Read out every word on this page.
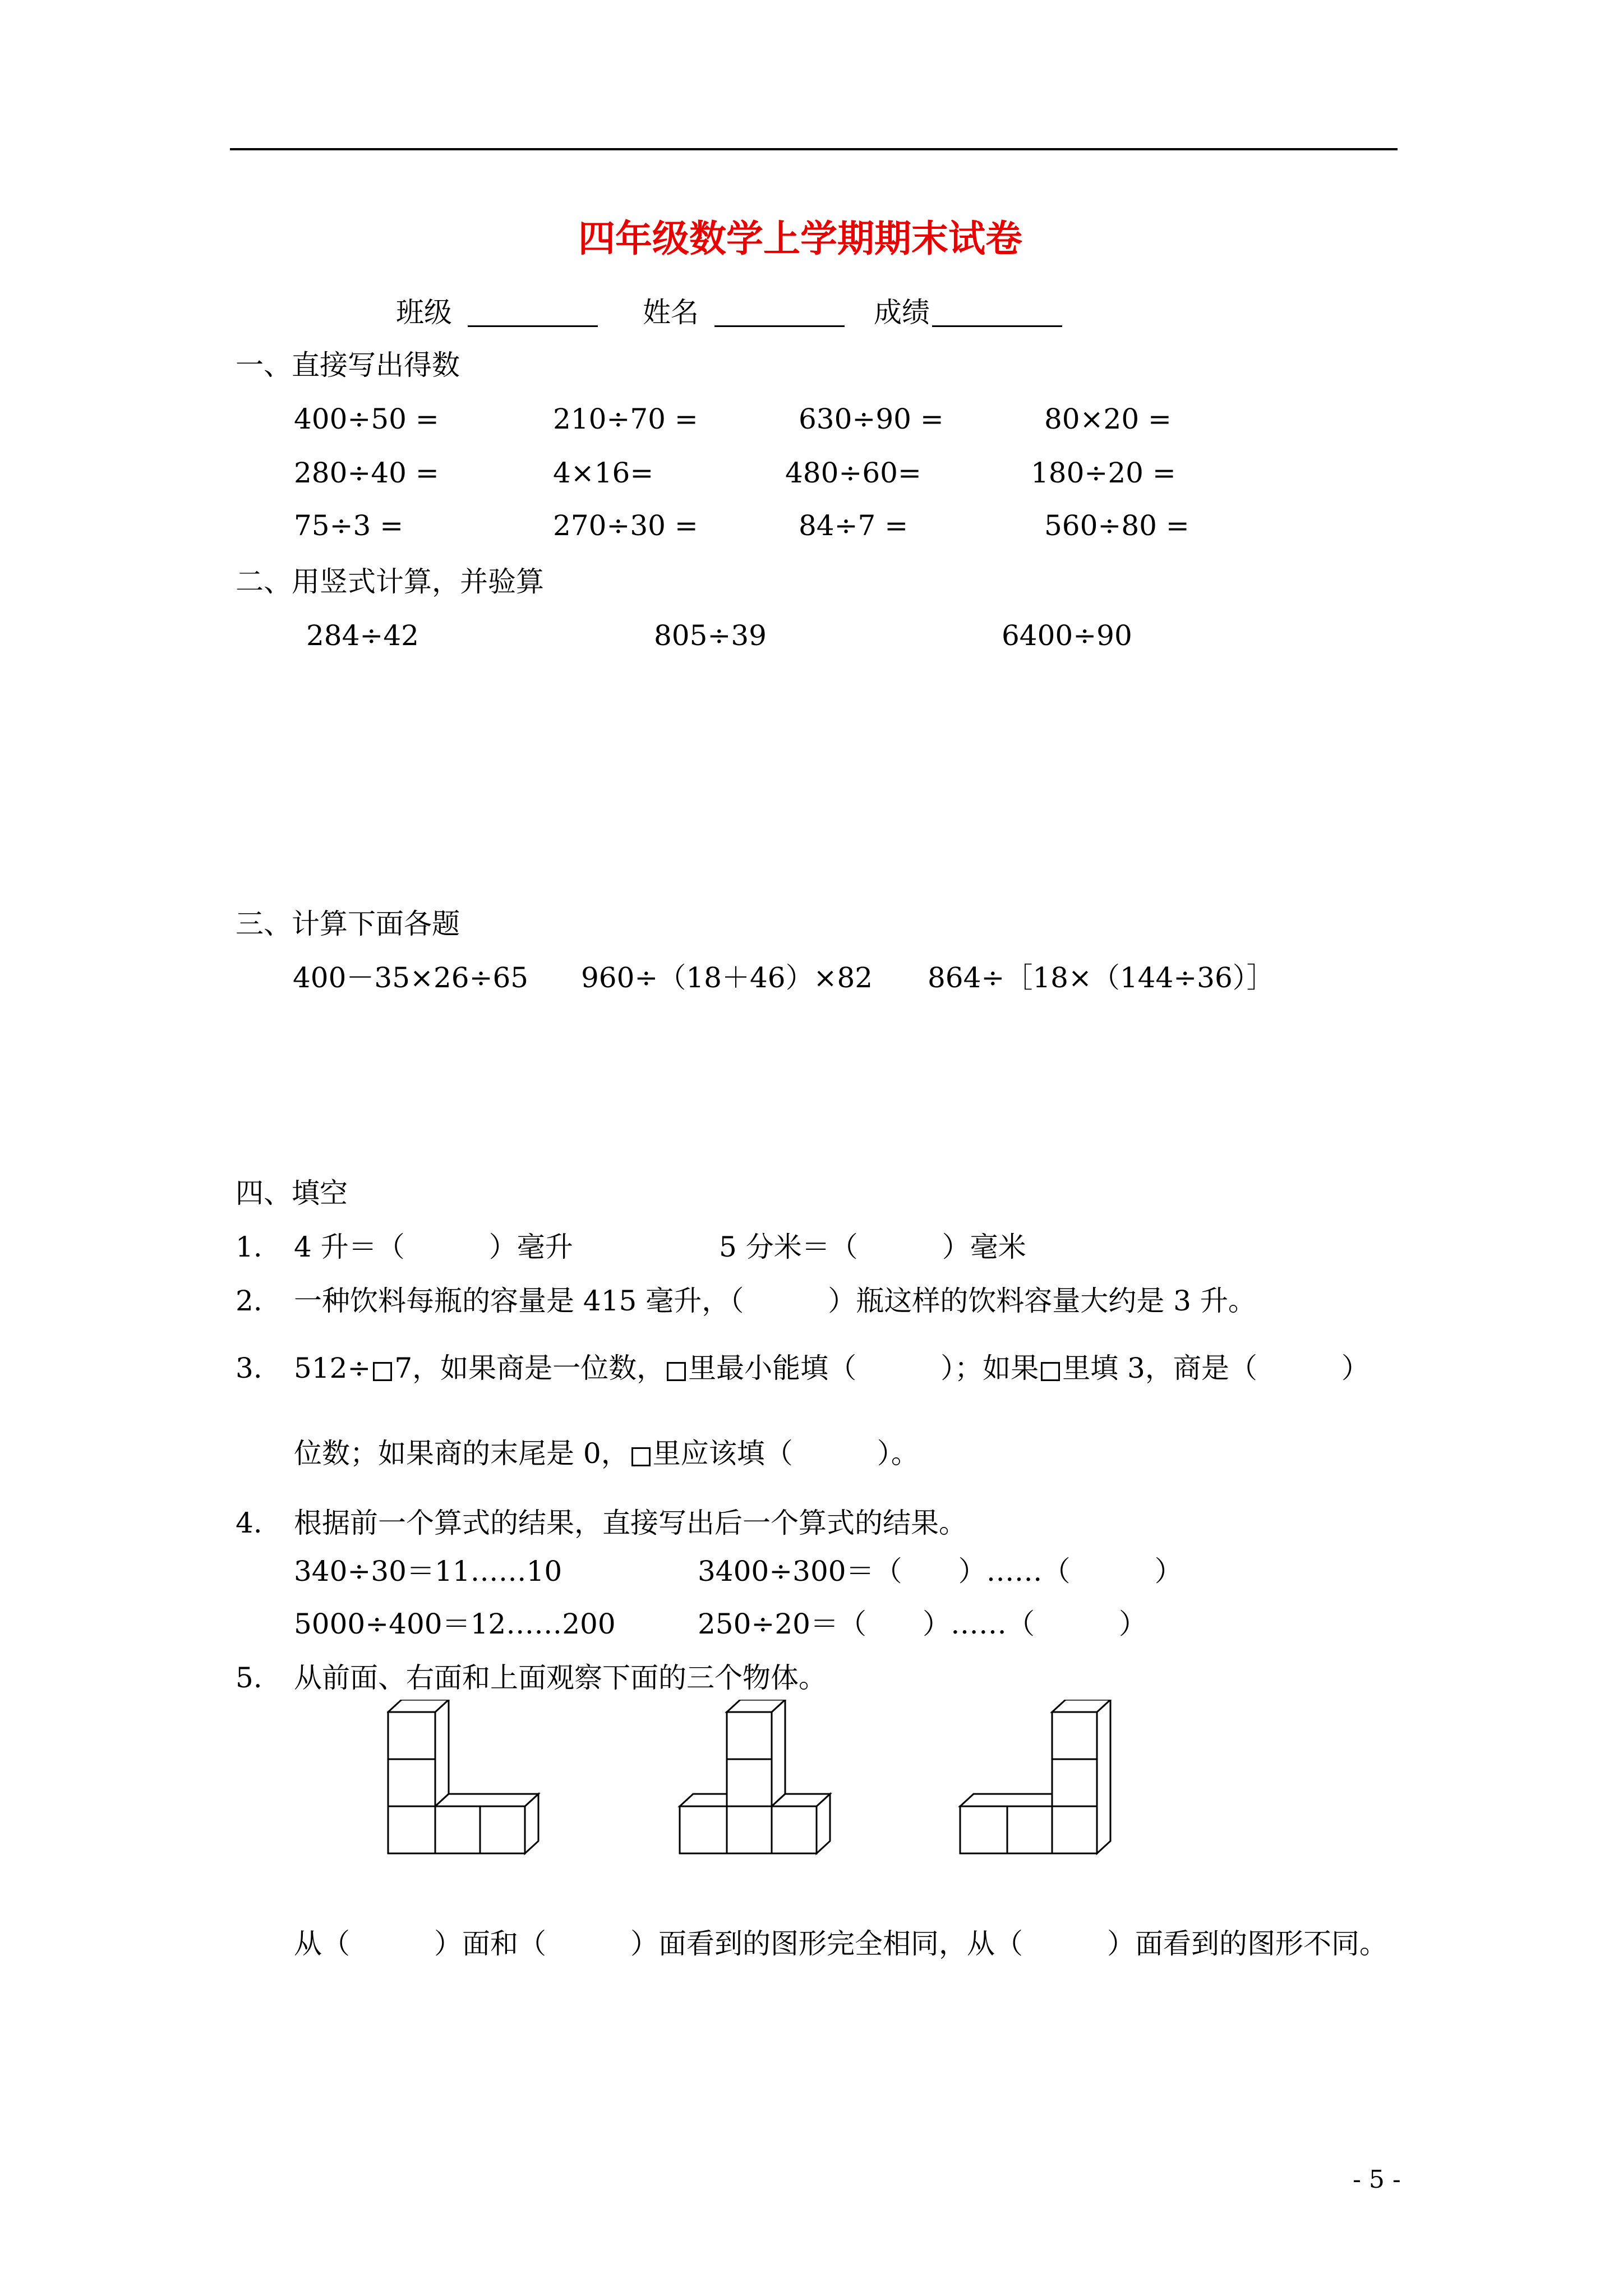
四年级数学上学期期末试卷
班级	姓名	成绩
一、直接写出得数
400÷50 =	210÷70 =	630÷90 =	80×20 =
280÷40 =	4×16=	480÷60=	180÷20 =
75÷3 =	270÷30 =	84÷7 =	560÷80 =
二、用竖式计算，并验算
284÷42	805÷39	6400÷90
三、计算下面各题
400－35×26÷65 960÷（18＋46）×82 864÷［18×（144÷36）］
四、填空
1. 4 升＝（　　　）毫升	5 分米＝（　　　）毫米
2. 一种饮料每瓶的容量是 415 毫升，（　　　）瓶这样的饮料容量大约是 3 升。
3. 512÷ 7，如果商是一位数， 里最小能填（　　　）；如果 里填 3，商是（　　　）
位数；如果商的末尾是 0， 里应该填（　　　）。
4. 根据前一个算式的结果，直接写出后一个算式的结果。
340÷30＝11……10	3400÷300＝（　　）……（　　　）
5000÷400＝12……200	250÷20＝（　　）……（　　　）
5. 从前面、右面和上面观察下面的三个物体。
从（　　　）面和（　　　）面看到的图形完全相同，从（　　　）面看到的图形不同。
- 5 -
